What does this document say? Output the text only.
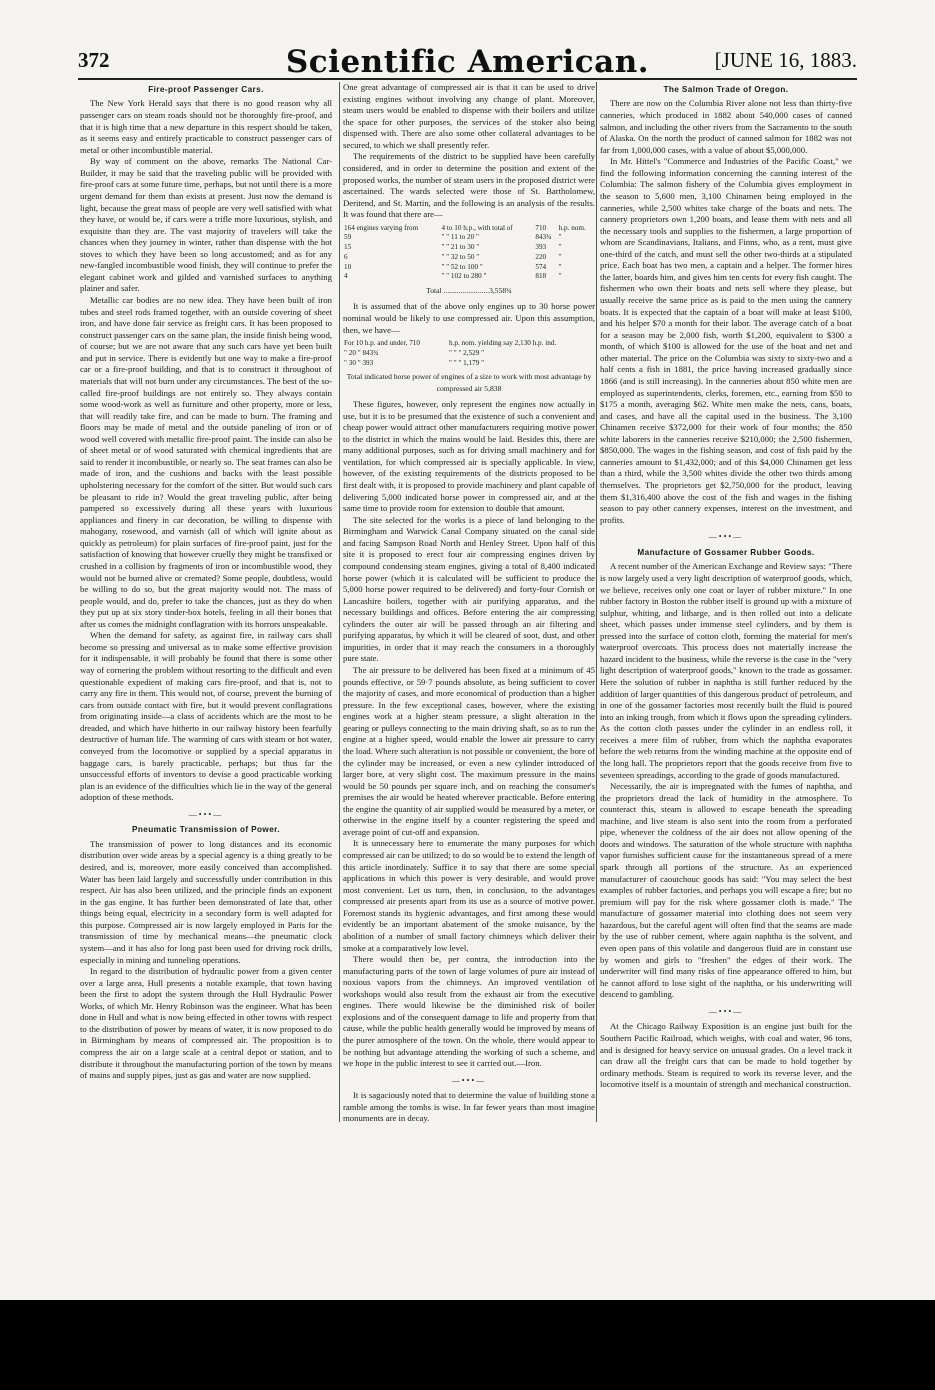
372	Scientific American.	[JUNE 16, 1883.
Fire-proof Passenger Cars.

The New York Herald says that there is no good reason why all passenger cars on steam roads should not be thoroughly fire-proof, and that it is high time that a new departure in this respect should be taken, as it seems easy and entirely practicable to construct passenger cars of metal or other incombustible material.

By way of comment on the above, remarks The National Car-Builder, it may be said that the traveling public will be provided with fire-proof cars at some future time, perhaps, but not until there is a more urgent demand for them than exists at present. Just now the demand is light, because the great mass of people are very well satisfied with what they have, or would be, if cars were a trifle more luxurious, stylish, and exquisite than they are. The vast majority of travelers will take the chances when they journey in winter, rather than dispense with the hot stoves to which they have been so long accustomed; and as for any new-fangled incombustible wood finish, they will continue to prefer the elegant cabinet work and gilded and varnished surfaces to anything plainer and safer.

Metallic car bodies are no new idea. They have been built of iron tubes and steel rods framed together, with an outside covering of sheet iron, and have done fair service as freight cars. It has been proposed to construct passenger cars on the same plan, the inside finish being wood, of course; but we are not aware that any such cars have yet been built and put in service. There is evidently but one way to make a fire-proof car or a fire-proof building, and that is to construct it throughout of materials that will not burn under any circumstances. The best of the so-called fire-proof buildings are not entirely so. They always contain some wood-work as well as furniture and other property, more or less, that will readily take fire, and can be made to burn. The framing and floors may be made of metal and the outside paneling of iron or of wood well covered with metallic fire-proof paint. The inside can also be of sheet metal or of wood saturated with chemical ingredients that are said to render it incombustible, or nearly so. The seat frames can also be made of iron, and the cushions and backs with the least possible upholstering necessary for the comfort of the sitter. But would such cars be pleasant to ride in? Would the great traveling public, after being pampered so excessively during all these years with luxurious appliances and finery in car decoration, be willing to dispense with mahogany, rosewood, and varnish (all of which will ignite about as quickly as petroleum) for plain surfaces of fire-proof paint, just for the satisfaction of knowing that however cruelly they might be transfixed or crushed in a collision by fragments of iron or incombustible wood, they would not be burned alive or cremated? Some people, doubtless, would be willing to do so, but the great majority would not. The mass of people would, and do, prefer to take the chances, just as they do when they put up at six story tinder-box hotels, feeling in all their bones that after us comes the midnight conflagration with its horrors unspeakable.

When the demand for safety, as against fire, in railway cars shall become so pressing and universal as to make some effective provision for it indispensable, it will probably be found that there is some other way of cornering the problem without resorting to the difficult and even questionable expedient of making cars fire-proof, and that is, not to carry any fire in them. This would not, of course, prevent the burning of cars from outside contact with fire, but it would prevent conflagrations from originating inside—a class of accidents which are the most to be dreaded, and which have hitherto in our railway history been fearfully destructive of human life. The warming of cars with steam or hot water, conveyed from the locomotive or supplied by a special apparatus in baggage cars, is barely practicable, perhaps; but thus far the unsuccessful efforts of inventors to devise a good practicable working plan is an evidence of the difficulties which lie in the way of the general adoption of these methods.

—•••—
Pneumatic Transmission of Power.

The transmission of power to long distances and its economic distribution over wide areas by a special agency is a thing greatly to be desired, and is, moreover, more easily conceived than accomplished. Water has been laid largely and successfully under contribution in this respect. Air has also been utilized, and the principle finds an exponent in the gas engine. It has further been demonstrated of late that, other things being equal, electricity in a secondary form is well adapted for this purpose. Compressed air is now largely employed in Paris for the transmission of time by mechanical means—the pneumatic clock system—and it has also for long past been used for driving rock drills, especially in mining and tunneling operations.

In regard to the distribution of hydraulic power from a given center over a large area, Hull presents a notable example, that town having been the first to adopt the system through the Hull Hydraulic Power Works, of which Mr. Henry Robinson was the engineer. What has been done in Hull and what is now being effected in other towns with respect to the distribution of power by means of water, it is now proposed to do in Birmingham by means of compressed air. The proposition is to compress the air on a large scale at a central depot or station, and to distribute it throughout the manufacturing portion of the town by means of mains and supply pipes, just as gas and water are now supplied.

One great advantage of compressed air is that it can be used to drive existing engines without involving any change of plant. Moreover, steam users would be enabled to dispense with their boilers and utilize the space for other purposes, the services of the stoker also being dispensed with. There are also some other collateral advantages to be secured, to which we shall presently refer.

The requirements of the district to be supplied have been carefully considered, and in order to determine the position and extent of the proposed works, the number of steam users in the proposed district were ascertained. The wards selected were those of St. Bartholomew, Deritend, and St. Martin, and the following is an analysis of the results. It was found that there are—

164 engines varying from	4 to 10 h.p., with total of	710	h.p. nom.
59	" " 11 to 20 "	843¾	"
15	" " 21 to 30 "	393	"
6	" " 32 to 50 "	220	"
10	" " 52 to 100 "	574	"
4	" " 102 to 280 "	818	"
Total ........................3,558¾

It is assumed that of the above only engines up to 30 horse power nominal would be likely to use compressed air. Upon this assumption, then, we have—

For 10 h.p. and under, 710	h.p. nom. yielding say 2,130 h.p. ind.
" 20 " 843¾	" " " 2,529 "
" 30 " 393	" " " 1,179 "
Total indicated horse power of engines of a size to work with most advantage by compressed air 5,838

These figures, however, only represent the engines now actually in use, but it is to be presumed that the existence of such a convenient and cheap power would attract other manufacturers requiring motive power to the district in which the mains would be laid. Besides this, there are many additional purposes, such as for driving small machinery and for ventilation, for which compressed air is specially applicable. In view, however, of the existing requirements of the districts proposed to be first dealt with, it is proposed to provide machinery and plant capable of delivering 5,000 indicated horse power in compressed air, and at the same time to provide room for extension to double that amount.

The site selected for the works is a piece of land belonging to the Birmingham and Warwick Canal Company situated on the canal side and facing Sampson Road North and Henley Street. Upon half of this site it is proposed to erect four air compressing engines driven by compound condensing steam engines, giving a total of 8,400 indicated horse power (which it is calculated will be sufficient to produce the 5,000 horse power required to be delivered) and forty-four Cornish or Lancashire boilers, together with air purifying apparatus, and the necessary buildings and offices. Before entering the air compressing cylinders the outer air will be passed through an air filtering and purifying apparatus, by which it will be cleared of soot, dust, and other impurities, in order that it may reach the consumers in a thoroughly pure state.

The air pressure to be delivered has been fixed at a minimum of 45 pounds effective, or 59·7 pounds absolute, as being sufficient to cover the majority of cases, and more economical of production than a higher pressure. In the few exceptional cases, however, where the existing engines work at a higher steam pressure, a slight alteration in the gearing or pulleys connecting to the main driving shaft, so as to run the engine at a higher speed, would enable the lower air pressure to carry the load. Where such alteration is not possible or convenient, the bore of the cylinder may be increased, or even a new cylinder introduced of larger bore, at very slight cost. The maximum pressure in the mains would be 50 pounds per square inch, and on reaching the consumer's premises the air would be heated wherever practicable. Before entering the engine the quantity of air supplied would be measured by a meter, or otherwise in the engine itself by a counter registering the speed and average point of cut-off and expansion.

It is unnecessary here to enumerate the many purposes for which compressed air can be utilized; to do so would be to extend the length of this article inordinately. Suffice it to say that there are some special applications in which this power is very desirable, and would prove most convenient. Let us turn, then, in conclusion, to the advantages compressed air presents apart from its use as a source of motive power. Foremost stands its hygienic advantages, and first among these would evidently be an important abatement of the smoke nuisance, by the abolition of a number of small factory chimneys which deliver their smoke at a comparatively low level.

There would then be, per contra, the introduction into the manufacturing parts of the town of large volumes of pure air instead of noxious vapors from the chimneys. An improved ventilation of workshops would also result from the exhaust air from the executive engines. There would likewise be the diminished risk of boiler explosions and of the consequent damage to life and property from that cause, while the public health generally would be improved by means of the purer atmosphere of the town. On the whole, there would appear to be nothing but advantage attending the working of such a scheme, and we hope in the public interest to see it carried out.—Iron.

—•••—

It is sagaciously noted that to determine the value of building stone a ramble among the tombs is wise. In far fewer years than most imagine monuments are in decay.

The Salmon Trade of Oregon.

There are now on the Columbia River alone not less than thirty-five canneries, which produced in 1882 about 540,000 cases of canned salmon, and including the other rivers from the Sacramento to the south of Alaska. On the north the product of canned salmon for 1882 was not far from 1,000,000 cases, with a value of about $5,000,000.

In Mr. Hittel's "Commerce and Industries of the Pacific Coast," we find the following information concerning the canning interest of the Columbia: The salmon fishery of the Columbia gives employment in the season to 5,600 men, 3,100 Chinamen being employed in the canneries, while 2,500 whites take charge of the boats and nets. The cannery proprietors own 1,200 boats, and lease them with nets and all the necessary tools and supplies to the fishermen, a large proportion of whom are Scandinavians, Italians, and Finns, who, as a rent, must give one-third of the catch, and must sell the other two-thirds at a stipulated price. Each boat has two men, a captain and a helper. The former hires the latter, boards him, and gives him ten cents for every fish caught. The fishermen who own their boats and nets sell where they please, but usually receive the same price as is paid to the men using the cannery boats. It is expected that the captain of a boat will make at least $100, and his helper $70 a month for their labor. The average catch of a boat for a season may be 2,000 fish, worth $1,200, equivalent to $300 a month, of which $100 is allowed for the use of the boat and net and other material. The price on the Columbia was sixty to sixty-two and a half cents a fish in 1881, the price having increased gradually since 1866 (and is still increasing). In the canneries about 850 white men are employed as superintendents, clerks, foremen, etc., earning from $50 to $175 a month, averaging $62. White men make the nets, cans, boats, and cases, and have all the capital used in the business. The 3,100 Chinamen receive $372,000 for their work of four months; the 850 white laborers in the canneries receive $210,000; the 2,500 fishermen, $850,000. The wages in the fishing season, and cost of fish paid by the canneries amount to $1,432,000; and of this $4,000 Chinamen get less than a third, while the 3,500 whites divide the other two thirds among themselves. The proprietors get $2,750,000 for the product, leaving them $1,316,400 above the cost of the fish and wages in the fishing season to pay other cannery expenses, interest on the investment, and profits.

—•••—
Manufacture of Gossamer Rubber Goods.

A recent number of the American Exchange and Review says: "There is now largely used a very light description of waterproof goods, which, we believe, receives only one coat or layer of rubber mixture." In one rubber factory in Boston the rubber itself is ground up with a mixture of sulphur, whiting, and litharge, and is then rolled out into a delicate sheet, which passes under immense steel cylinders, and by them is pressed into the surface of cotton cloth, forming the material for men's waterproof overcoats. This process does not materially increase the hazard incident to the business, while the reverse is the case in the "very light description of waterproof goods," known to the trade as gossamer. Here the solution of rubber in naphtha is still further reduced by the addition of larger quantities of this dangerous product of petroleum, and in one of the gossamer factories most recently built the fluid is poured into an inking trough, from which it flows upon the spreading cylinders. As the cotton cloth passes under the cylinder in an endless roll, it receives a mere film of rubber, from which the naphtha evaporates before the web returns from the winding machine at the opposite end of the long hall. The proprietors report that the goods receive from five to seventeen spreadings, according to the grade of goods manufactured.

Necessarily, the air is impregnated with the fumes of naphtha, and the proprietors dread the lack of humidity in the atmosphere. To counteract this, steam is allowed to escape beneath the spreading machine, and live steam is also sent into the room from a perforated pipe, whenever the coldness of the air does not allow opening of the doors and windows. The saturation of the whole structure with naphtha vapor furnishes sufficient cause for the instantaneous spread of a mere spark through all portions of the structure. As an experienced manufacturer of caoutchouc goods has said: "You may select the best examples of rubber factories, and perhaps you will escape a fire; but no premium will pay for the risk where gossamer cloth is made." The manufacture of gossamer material into clothing does not seem very hazardous, but the careful agent will often find that the seams are made by the use of rubber cement, where again naphtha is the solvent, and even open pans of this volatile and dangerous fluid are in constant use by women and girls to "freshen" the edges of their work. The underwriter will find many risks of fine appearance offered to him, but he cannot afford to lose sight of the naphtha, or his underwriting will descend to gambling.

—•••—

At the Chicago Railway Exposition is an engine just built for the Southern Pacific Railroad, which weighs, with coal and water, 96 tons, and is designed for heavy service on unusual grades. On a level track it can draw all the freight cars that can be made to hold together by ordinary methods. Steam is required to work its reverse lever, and the locomotive itself is a mountain of strength and mechanical construction.
